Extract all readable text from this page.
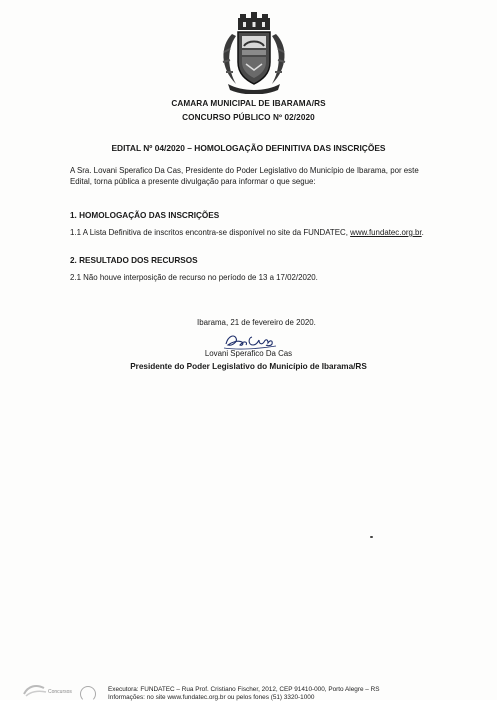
CAMARA MUNICIPAL DE IBARAMA/RS
CONCURSO PÚBLICO Nº 02/2020
EDITAL Nº 04/2020 – HOMOLOGAÇÃO DEFINITIVA DAS INSCRIÇÕES
A Sra. Lovani Sperafico Da Cas, Presidente do Poder Legislativo do Município de Ibarama, por este
Edital, torna pública a presente divulgação para informar o que segue:
1. HOMOLOGAÇÃO DAS INSCRIÇÕES
1.1 A Lista Definitiva de inscritos encontra-se disponível no site da FUNDATEC, www.fundatec.org.br.
2. RESULTADO DOS RECURSOS
2.1 Não houve interposição de recurso no período de 13 a 17/02/2020.
Ibarama, 21 de fevereiro de 2020.
Lovani Sperafico Da Cas
Presidente do Poder Legislativo do Município de Ibarama/RS
Concursos	Executora: FUNDATEC – Rua Prof. Cristiano Fischer, 2012, CEP 91410-000, Porto Alegre – RS
Informações: no site www.fundatec.org.br ou pelos fones (51) 3320-1000
